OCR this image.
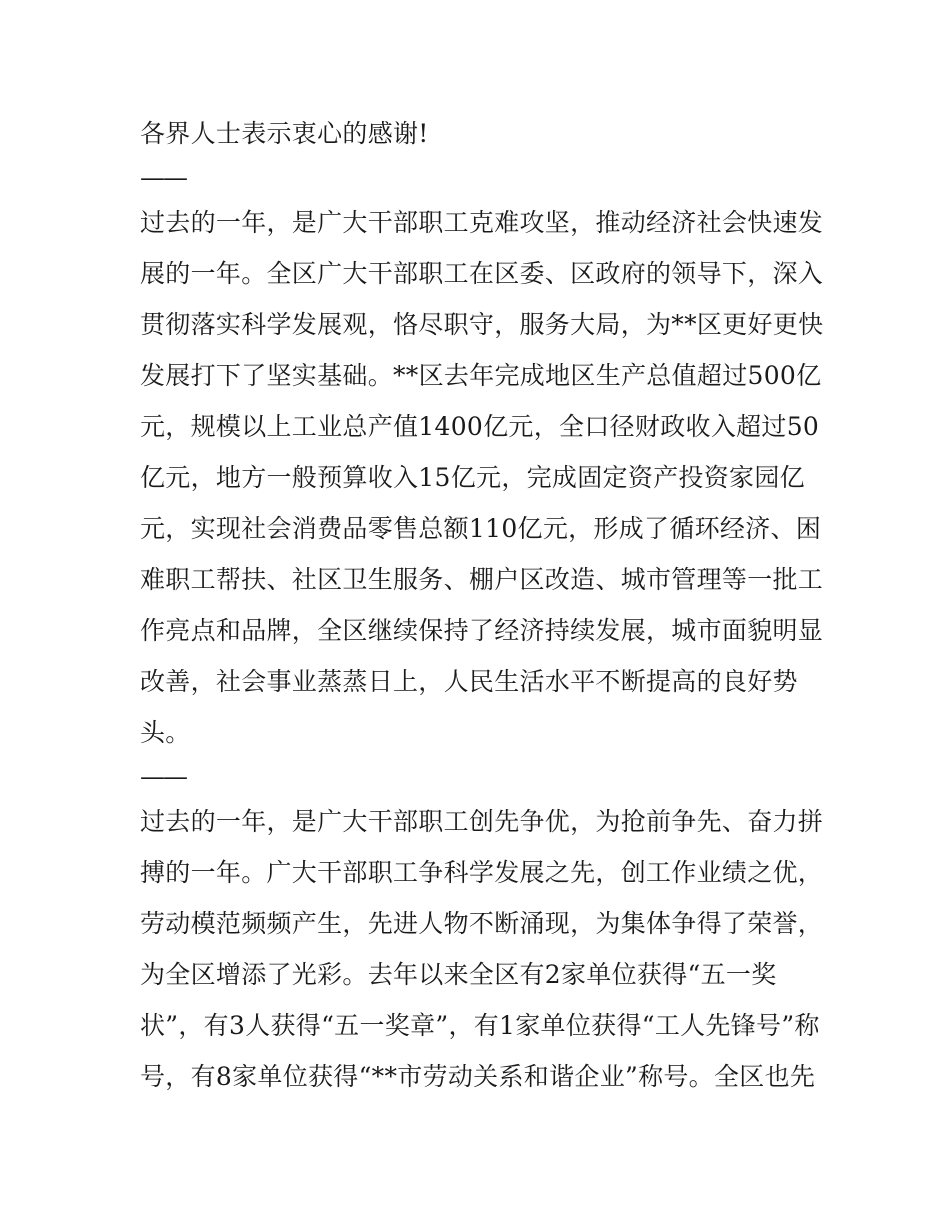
各界人士表示衷心的感谢!
——
过去的一年，是广大干部职工克难攻坚，推动经济社会快速发
展的一年。全区广大干部职工在区委、区政府的领导下，深入
贯彻落实科学发展观，恪尽职守，服务大局，为**区更好更快
发展打下了坚实基础。**区去年完成地区生产总值超过500亿
元，规模以上工业总产值1400亿元，全口径财政收入超过50
亿元，地方一般预算收入15亿元，完成固定资产投资家园亿
元，实现社会消费品零售总额110亿元，形成了循环经济、困
难职工帮扶、社区卫生服务、棚户区改造、城市管理等一批工
作亮点和品牌，全区继续保持了经济持续发展，城市面貌明显
改善，社会事业蒸蒸日上，人民生活水平不断提高的良好势
头。
——
过去的一年，是广大干部职工创先争优，为抢前争先、奋力拼
搏的一年。广大干部职工争科学发展之先，创工作业绩之优，
劳动模范频频产生，先进人物不断涌现，为集体争得了荣誉，
为全区增添了光彩。去年以来全区有2家单位获得“五一奖
状”，有3人获得“五一奖章”，有1家单位获得“工人先锋号”称
号，有8家单位获得“**市劳动关系和谐企业”称号。全区也先
